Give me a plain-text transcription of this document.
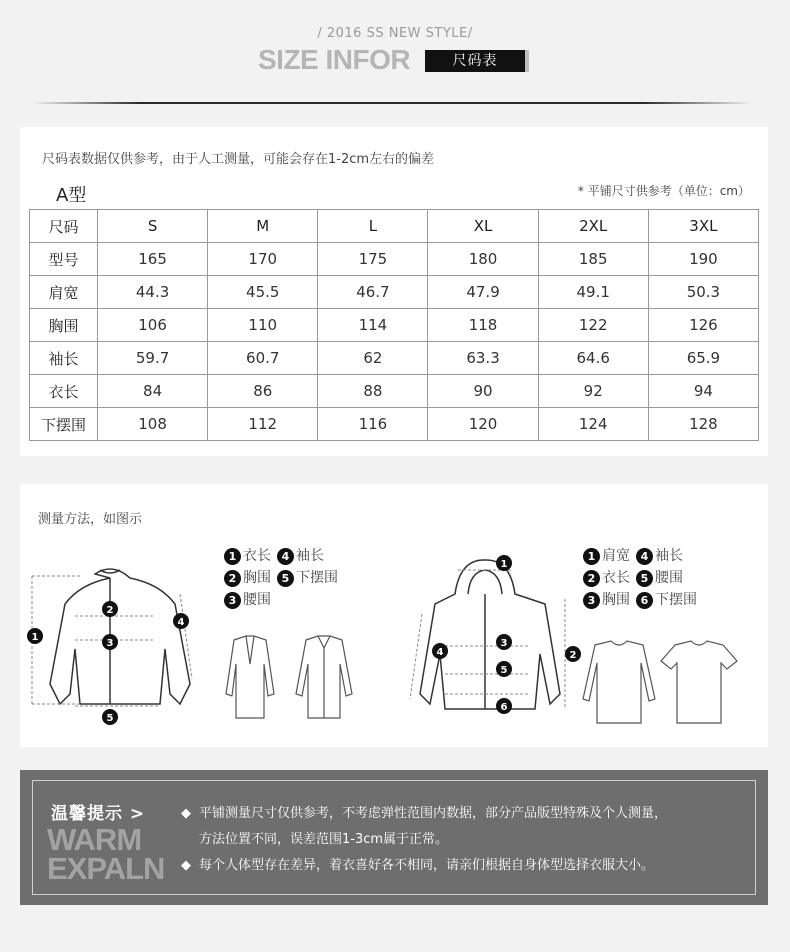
/ 2016 SS NEW STYLE/
SIZE INFOR	尺码表
尺码表数据仅供参考，由于人工测量，可能会存在1-2cm左右的偏差
A型	* 平铺尺寸供参考（单位：cm）
尺码	S	M	L	XL	2XL	3XL
型号	165	170	175	180	185	190
肩宽	44.3	45.5	46.7	47.9	49.1	50.3
胸围	106	110	114	118	122	126
袖长	59.7	60.7	62	63.3	64.6	65.9
衣长	84	86	88	90	92	94
下摆围	108	112	116	120	124	128
测量方法，如图示
1
2
3
4
5
1 衣长 4 袖长
2 胸围 5 下摆围
3 腰围
1
2
3
4
5
6
1 肩宽 4 袖长
2 衣长 5 腰围
3 胸围 6 下摆围
温馨提示 >
WARM
EXPALN
◆ 平铺测量尺寸仅供参考，不考虑弹性范围内数据，部分产品版型特殊及个人测量，
方法位置不同，误差范围1-3cm属于正常。
◆ 每个人体型存在差异，着衣喜好各不相同，请亲们根据自身体型选择衣服大小。
